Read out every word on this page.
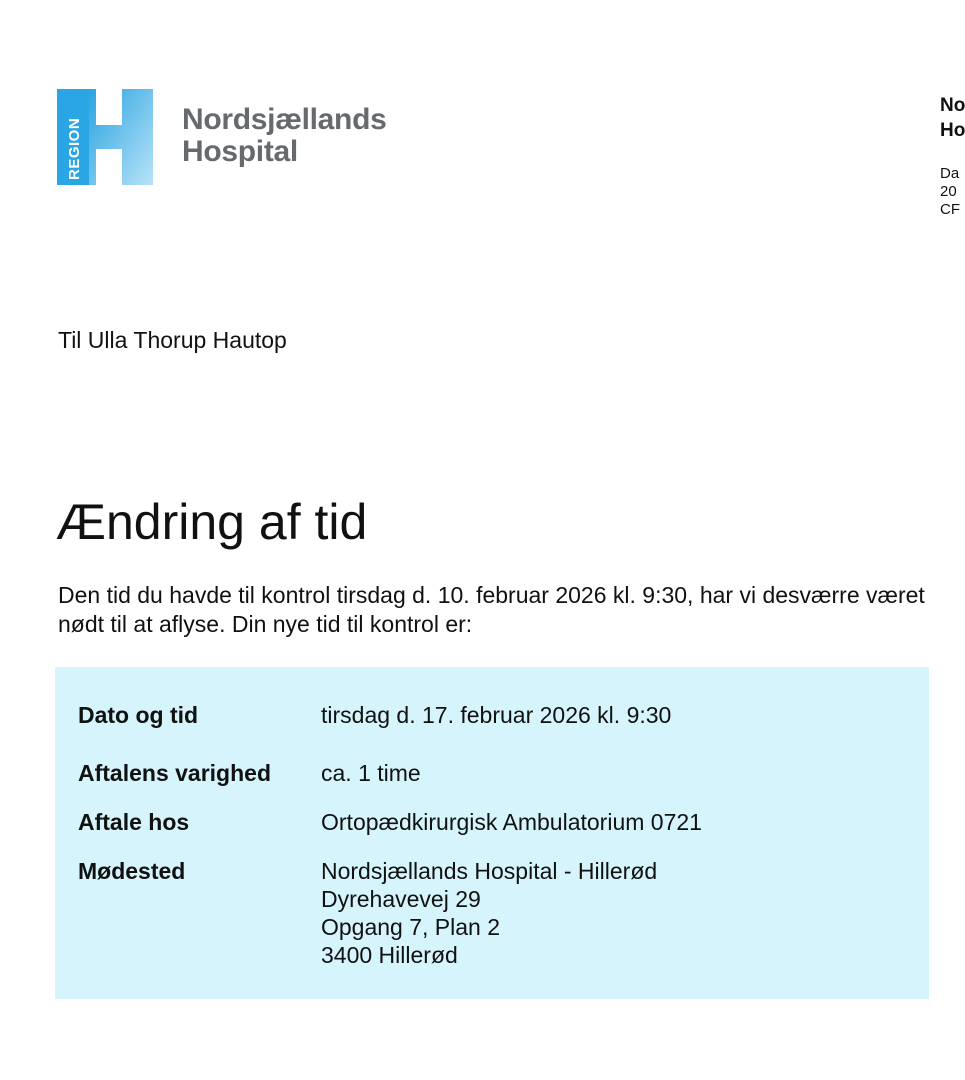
REGION	Nordsjællands
Hospital
No
Ho
Da
20
CF
Til Ulla Thorup Hautop
Ændring af tid

Den tid du havde til kontrol tirsdag d. 10. februar 2026 kl. 9:30, har vi desværre været nødt til at aflyse. Din nye tid til kontrol er:

Dato og tid	tirsdag d. 17. februar 2026 kl. 9:30
Aftalens varighed ca. 1 time
Aftale hos	Ortopædkirurgisk Ambulatorium 0721
Mødested	Nordsjællands Hospital - Hillerød
Dyrehavevej 29
Opgang 7, Plan 2
3400 Hillerød
